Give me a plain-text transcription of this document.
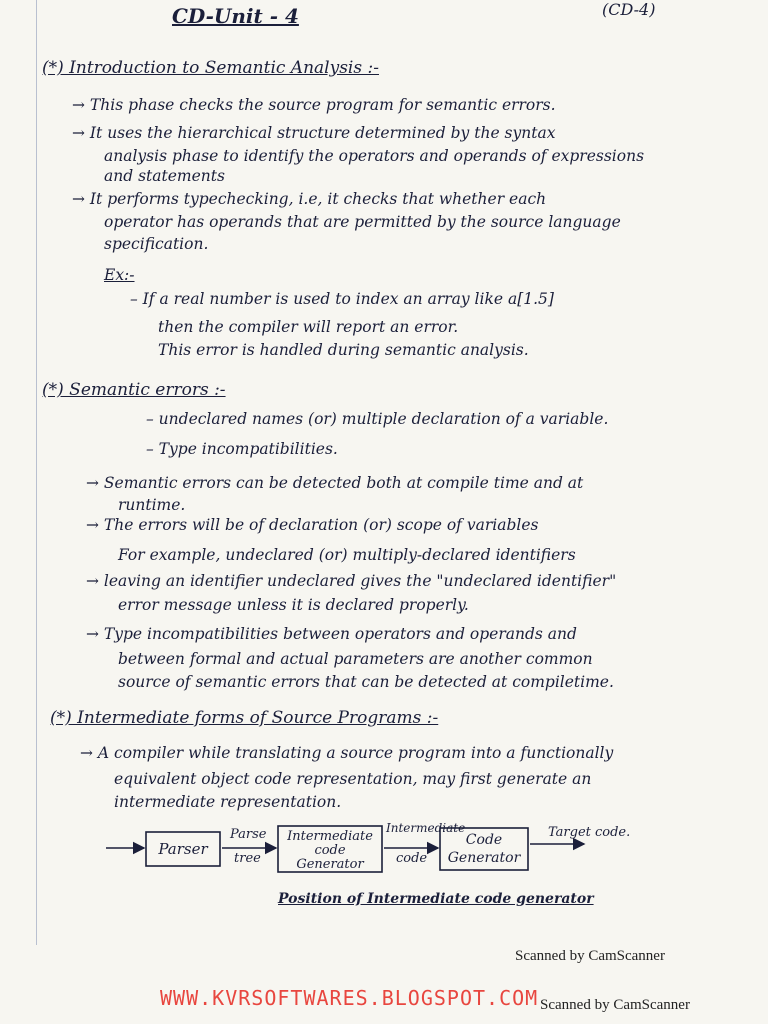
CD-Unit - 4	(CD-4)
(*) Introduction to Semantic Analysis :-
→ This phase checks the source program for semantic errors.
→ It uses the hierarchical structure determined by the syntax
analysis phase to identify the operators and operands of expressions
and statements
→ It performs typechecking, i.e, it checks that whether each
operator has operands that are permitted by the source language
specification.
Ex:-
– If a real number is used to index an array like a[1.5]
then the compiler will report an error.
This error is handled during semantic analysis.
(*) Semantic errors :-
– undeclared names (or) multiple declaration of a variable.
– Type incompatibilities.
→ Semantic errors can be detected both at compile time and at
runtime.
→ The errors will be of declaration (or) scope of variables
For example, undeclared (or) multiply-declared identifiers
→ leaving an identifier undeclared gives the "undeclared identifier"
error message unless it is declared properly.
→ Type incompatibilities between operators and operands and
between formal and actual parameters are another common
source of semantic errors that can be detected at compiletime.
(*) Intermediate forms of Source Programs :-
→ A compiler while translating a source program into a functionally
equivalent object code representation, may first generate an
intermediate representation.
Parser
Parse
tree
Intermediate
code
Generator
Intermediate
code
Code
Generator
Target code.
Position of Intermediate code generator
Scanned by CamScanner
WWW.KVRSOFTWARES.BLOGSPOT.COM Scanned by CamScanner
